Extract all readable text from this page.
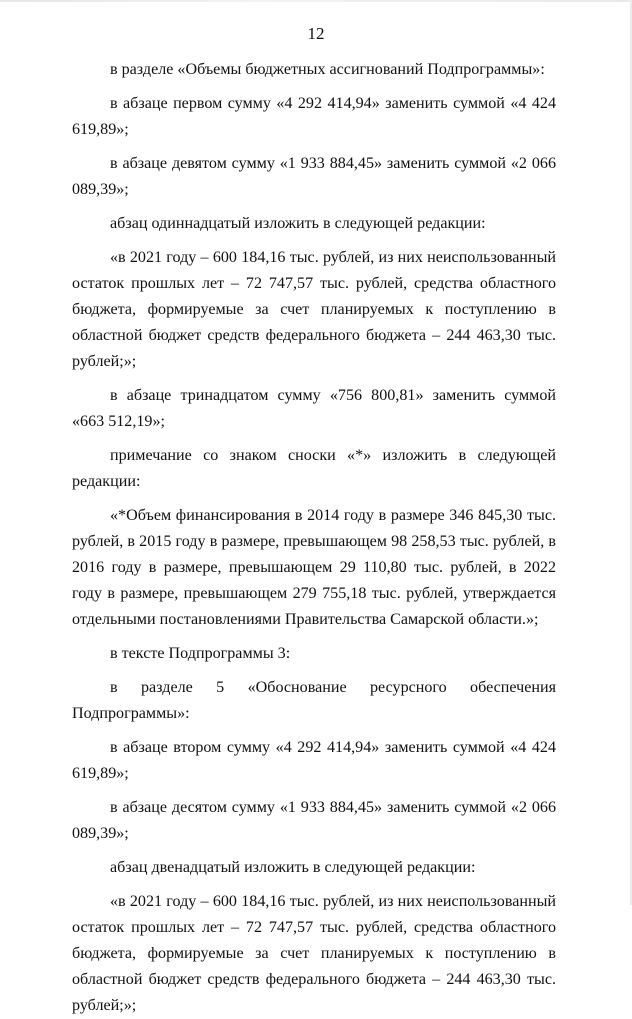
12

в разделе «Объемы бюджетных ассигнований Подпрограммы»:

в абзаце первом сумму «4 292 414,94» заменить суммой «4 424 619,89»;

в абзаце девятом сумму «1 933 884,45» заменить суммой «2 066 089,39»;

абзац одиннадцатый изложить в следующей редакции:

«в 2021 году – 600 184,16 тыс. рублей, из них неиспользованный остаток прошлых лет – 72 747,57 тыс. рублей, средства областного бюджета, формируемые за счет планируемых к поступлению в областной бюджет средств федерального бюджета – 244 463,30 тыс. рублей;»;

в абзаце тринадцатом сумму «756 800,81» заменить суммой «663 512,19»;

примечание со знаком сноски «*» изложить в следующей редакции:

«*Объем финансирования в 2014 году в размере 346 845,30 тыс. рублей, в 2015 году в размере, превышающем 98 258,53 тыс. рублей, в 2016 году в размере, превышающем 29 110,80 тыс. рублей, в 2022 году в размере, превышающем 279 755,18 тыс. рублей, утверждается отдельными постановлениями Правительства Самарской области.»;

в тексте Подпрограммы 3:

в разделе 5 «Обоснование ресурсного обеспечения Подпрограммы»:

в абзаце втором сумму «4 292 414,94» заменить суммой «4 424 619,89»;

в абзаце десятом сумму «1 933 884,45» заменить суммой «2 066 089,39»;

абзац двенадцатый изложить в следующей редакции:

«в 2021 году – 600 184,16 тыс. рублей, из них неиспользованный остаток прошлых лет – 72 747,57 тыс. рублей, средства областного бюджета, формируемые за счет планируемых к поступлению в областной бюджет средств федерального бюджета – 244 463,30 тыс. рублей;»;
